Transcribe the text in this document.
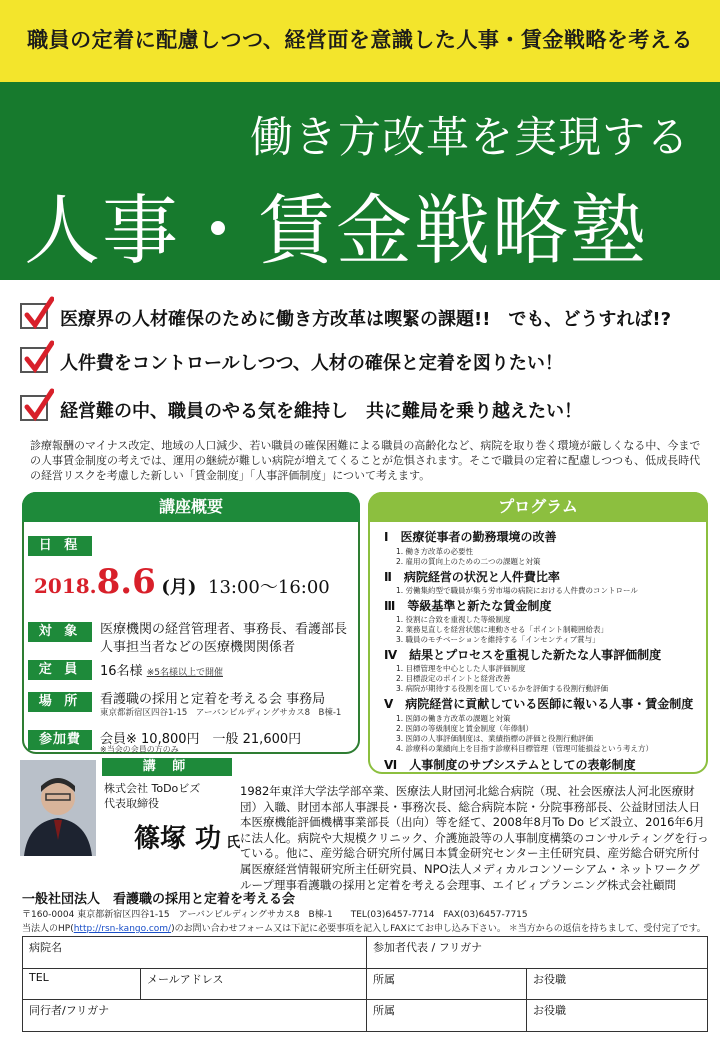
職員の定着に配慮しつつ、経営面を意識した人事・賃金戦略を考える
働き方改革を実現する
人事・賃金戦略塾
医療界の人材確保のために働き方改革は喫緊の課題!!　でも、どうすれば!?
人件費をコントロールしつつ、人材の確保と定着を図りたい！
経営難の中、職員のやる気を維持し　共に難局を乗り越えたい！
診療報酬のマイナス改定、地域の人口減少、若い職員の確保困難による職員の高齢化など、病院を取り巻く環境が厳しくなる中、今までの人事賃金制度の考えでは、運用の継続が難しい病院が増えてくることが危惧されます。そこで職員の定着に配慮しつつも、低成長時代の経営リスクを考慮した新しい「賃金制度」「人事評価制度」について考えます。
講座概要
日 程
2018.8.6 (月) 13:00～16:00
対 象	医療機関の経営管理者、事務長、看護部長
人事担当者などの医療機関関係者
定 員	16名様 ※5名様以上で開催
場 所	看護職の採用と定着を考える会 事務局
東京都新宿区四谷1-15　アーバンビルディングサカス8　B棟-1
参加費	会員※ 10,800円　一般 21,600円
※当会の会員の方のみ
プログラム
Ⅰ　医療従事者の勤務環境の改善
1. 働き方改革の必要性
2. 雇用の質向上のための二つの課題と対策
Ⅱ　病院経営の状況と人件費比率
1. 労働集約型で職員が集う労市場の病院における人件費のコントロール
Ⅲ　等級基準と新たな賃金制度
1. 役割に合致を重視した等級制度
2. 業務見直しを経営状態に連動させる「ポイント制範囲給表」
3. 職員のモチベーションを維持する「インセンティブ賞与」
Ⅳ　結果とプロセスを重視した新たな人事評価制度
1. 目標管理を中心とした人事評価制度
2. 目標設定のポイントと経営改善
3. 病院が期待する役割を面しているかを評価する役割行動評価
Ⅴ　病院経営に貢献している医師に報いる人事・賃金制度
1. 医師の働き方改革の課題と対策
2. 医師の等級制度と賃金制度（年俸制）
3. 医師の人事評価制度は、業績指標の評価と役割行動評価
4. 診療科の業績向上を目指す診療科目標管理（管理可能損益という考え方）
Ⅵ　人事制度のサブシステムとしての表彰制度
講 師
株式会社 ToDoビズ
代表取締役
篠塚 功 氏
1982年東洋大学法学部卒業、医療法人財団河北総合病院（現、社会医療法人河北医療財団）入職、財団本部人事課長・事務次長、総合病院本院・分院事務部長、公益財団法人日本医療機能評価機構事業部長（出向）等を経て、2008年8月To Do ビズ設立、2016年6月に法人化。病院や大規模クリニック、介護施設等の人事制度構築のコンサルティングを行っている。他に、産労総合研究所付属日本賃金研究センター主任研究員、産労総合研究所付属医療経営情報研究所主任研究員、NPO法人メディカルコンソーシアム・ネットワークグループ理事看護職の採用と定着を考える会理事、エイビィプランニング株式会社顧問
一般社団法人　看護職の採用と定着を考える会
〒160-0004 東京都新宿区四谷1-15　アーバンビルディングサカス8　B棟-1　　TEL(03)6457-7714　FAX(03)6457-7715
当法人のHP(http://rsn-kango.com/)のお問い合わせフォーム又は下記に必要事項を記入しFAXにてお申し込み下さい。 ＊当方からの返信を持ちまして、受付完了です。
病院名		参加者代表 / フリガナ	
TEL	メールアドレス	所属	お役職
同行者/フリガナ		所属	お役職
